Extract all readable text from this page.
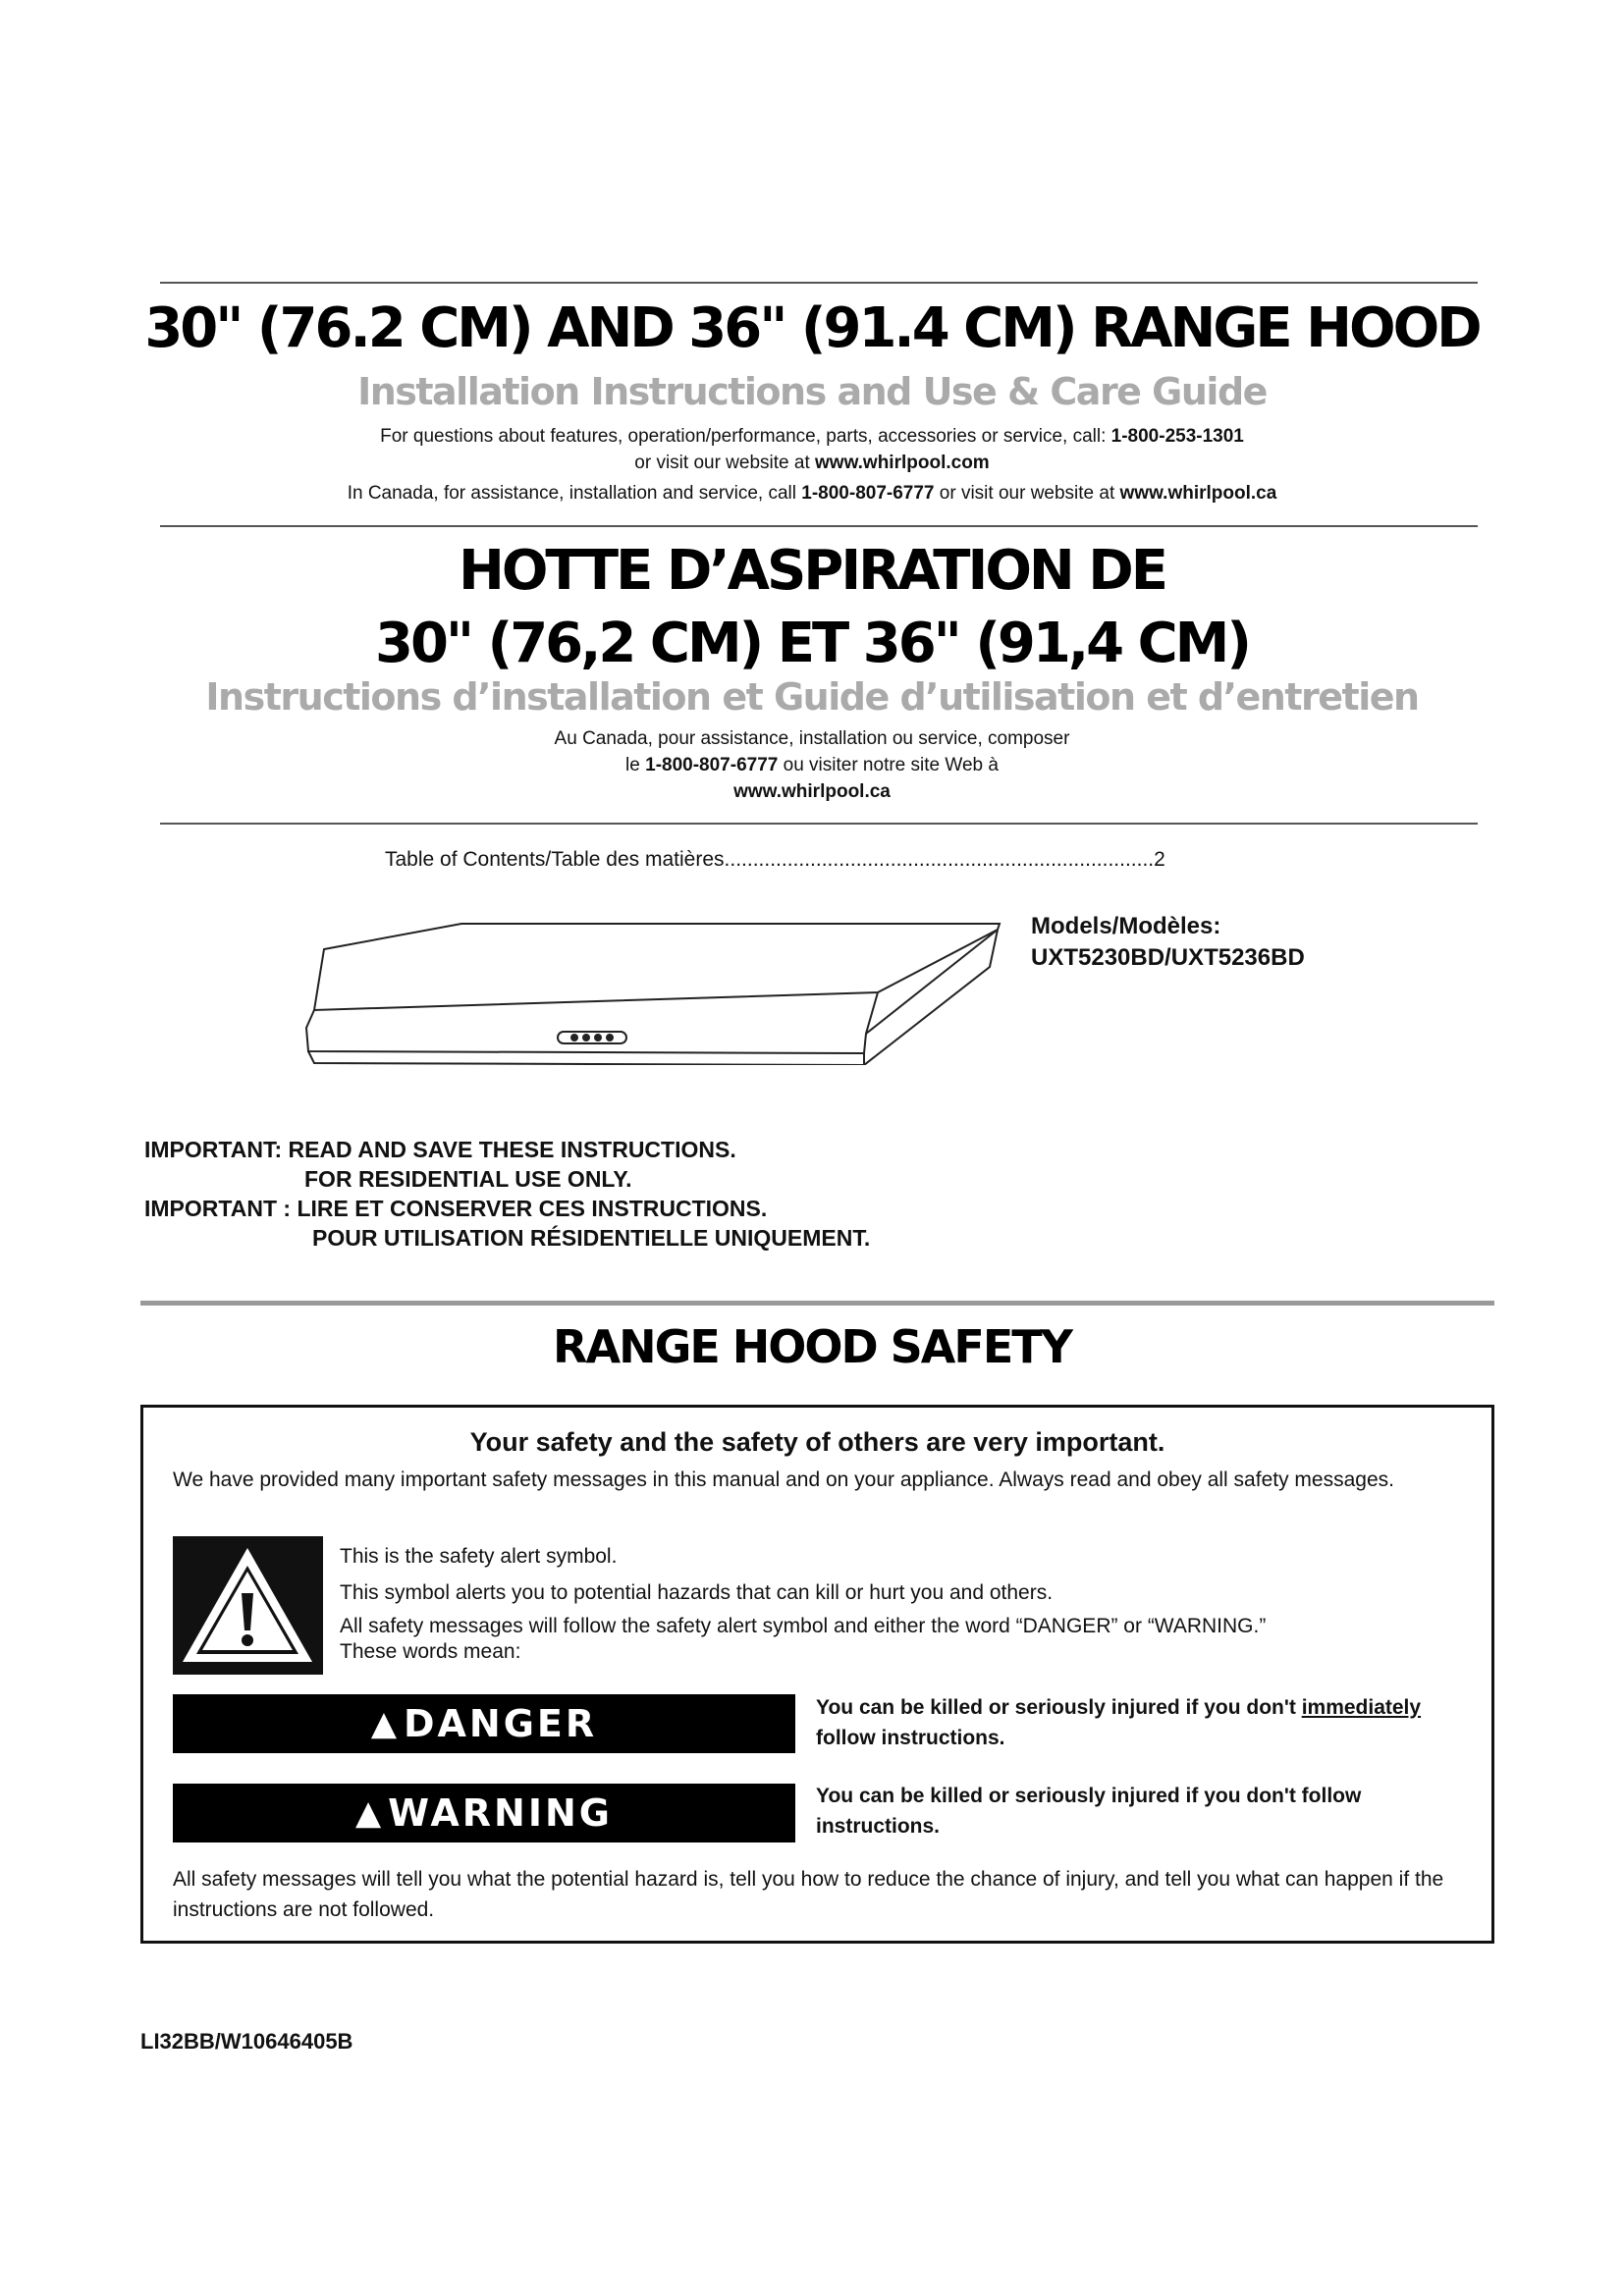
30" (76.2 CM) AND 36" (91.4 CM) RANGE HOOD
Installation Instructions and Use & Care Guide
For questions about features, operation/performance, parts, accessories or service, call: 1-800-253-1301
or visit our website at www.whirlpool.com
In Canada, for assistance, installation and service, call 1-800-807-6777 or visit our website at www.whirlpool.ca
HOTTE D’ASPIRATION DE
30" (76,2 CM) ET 36" (91,4 CM)
Instructions d’installation et Guide d’utilisation et d’entretien
Au Canada, pour assistance, installation ou service, composer
le 1-800-807-6777 ou visiter notre site Web à
www.whirlpool.ca
Table of Contents/Table des matières...........................................................................2
Models/Modèles:
UXT5230BD/UXT5236BD
IMPORTANT: READ AND SAVE THESE INSTRUCTIONS.
FOR RESIDENTIAL USE ONLY.
IMPORTANT : LIRE ET CONSERVER CES INSTRUCTIONS.
POUR UTILISATION RÉSIDENTIELLE UNIQUEMENT.
RANGE HOOD SAFETY
Your safety and the safety of others are very important.
We have provided many important safety messages in this manual and on your appliance. Always read and obey all safety messages.
This is the safety alert symbol.
This symbol alerts you to potential hazards that can kill or hurt you and others.
All safety messages will follow the safety alert symbol and either the word “DANGER” or “WARNING.”
These words mean:
▲ DANGER	You can be killed or seriously injured if you don't immediately
follow instructions.
▲ WARNING	You can be killed or seriously injured if you don't follow
instructions.
All safety messages will tell you what the potential hazard is, tell you how to reduce the chance of injury, and tell you what can happen if the instructions are not followed.
LI32BB/W10646405B
